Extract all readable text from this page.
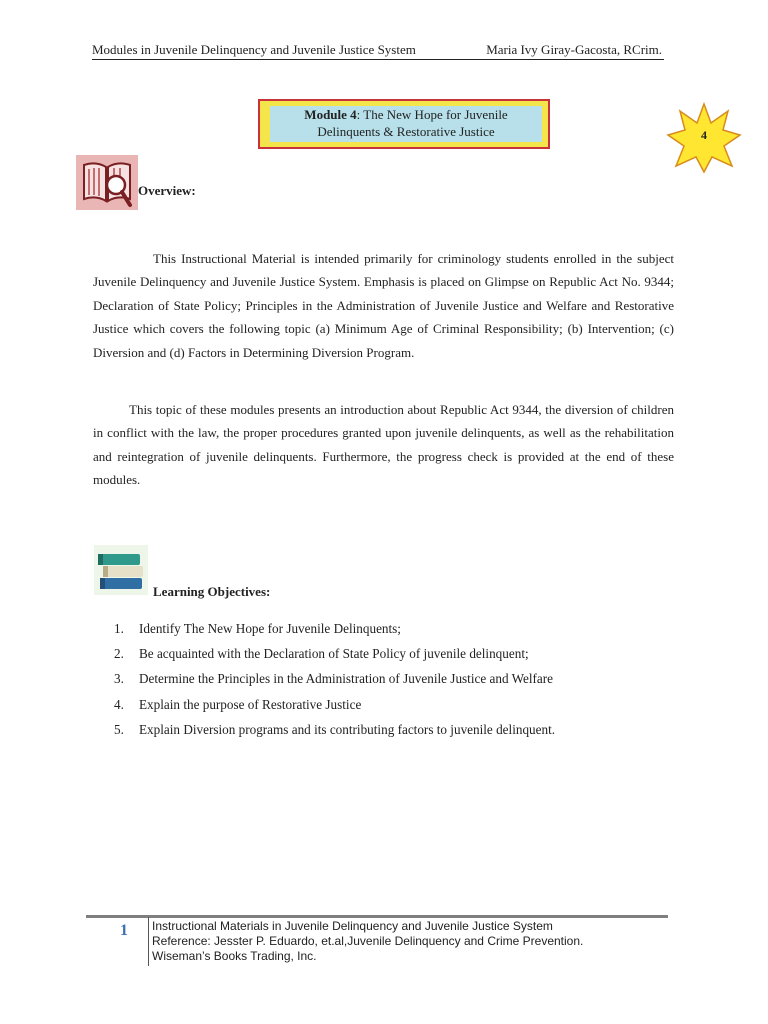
Modules in Juvenile Delinquency and Juvenile Justice System	Maria Ivy Giray-Gacosta, RCrim.
Module 4: The New Hope for Juvenile
Delinquents & Restorative Justice	4
Overview:

This Instructional Material is intended primarily for criminology students enrolled in the subject Juvenile Delinquency and Juvenile Justice System. Emphasis is placed on Glimpse on Republic Act No. 9344; Declaration of State Policy; Principles in the Administration of Juvenile Justice and Welfare and Restorative Justice which covers the following topic (a) Minimum Age of Criminal Responsibility; (b) Intervention; (c) Diversion and (d) Factors in Determining Diversion Program.

This topic of these modules presents an introduction about Republic Act 9344, the diversion of children in conflict with the law, the proper procedures granted upon juvenile delinquents, as well as the rehabilitation and reintegration of juvenile delinquents. Furthermore, the progress check is provided at the end of these modules.

Learning Objectives:
1.	Identify The New Hope for Juvenile Delinquents;
2.	Be acquainted with the Declaration of State Policy of juvenile delinquent;
3.	Determine the Principles in the Administration of Juvenile Justice and Welfare
4.	Explain the purpose of Restorative Justice
5.	Explain Diversion programs and its contributing factors to juvenile delinquent.
1 Instructional Materials in Juvenile Delinquency and Juvenile Justice System
Reference: Jesster P. Eduardo, et.al,Juvenile Delinquency and Crime Prevention.
Wiseman’s Books Trading, Inc.
